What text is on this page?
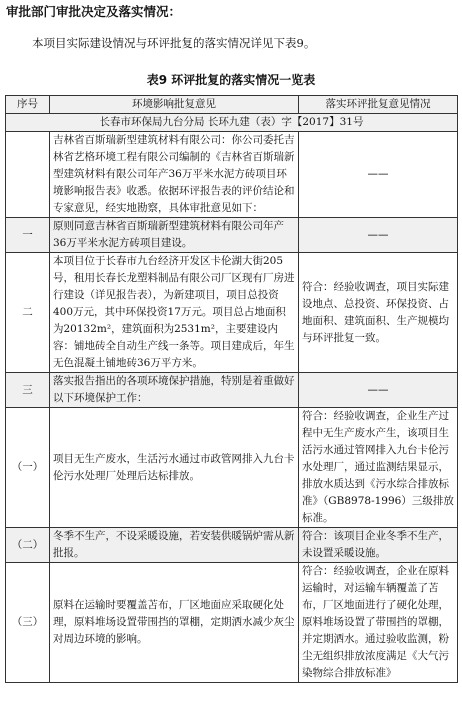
审批部门审批决定及落实情况：
本项目实际建设情况与环评批复的落实情况详见下表9。
表9 环评批复的落实情况一览表
序号	环境影响批复意见	落实环评批复意见情况
长春市环保局九台分局 长环九建（表）字【2017】31号		
	吉林省百斯瑞新型建筑材料有限公司：你公司委托吉林省艺格环境工程有限公司编制的《吉林省百斯瑞新型建筑材料有限公司年产36万平米水泥方砖项目环境影响报告表》收悉。依据环评报告表的评价结论和专家意见，经实地勘察，具体审批意见如下：	——
一	原则同意吉林省百斯瑞新型建筑材料有限公司年产36万平米水泥方砖项目建设。	——
二	本项目位于长春市九台经济开发区卡伦湖大街205号，租用长春长龙塑料制品有限公司厂区现有厂房进行建设（详见报告表），为新建项目，项目总投资400万元，其中环保投资17万元。项目总占地面积为20132m²，建筑面积为2531m²，主要建设内容：铺地砖全自动生产线一条等。项目建成后，年生无色混凝土铺地砖36万平方米。	符合：经验收调查，项目实际建设地点、总投资、环保投资、占地面积、建筑面积、生产规模均与环评批复一致。
三	落实报告指出的各项环境保护措施，特别是着重做好以下环境保护工作：	——
（一）	项目无生产废水，生活污水通过市政管网排入九台卡伦污水处理厂处理后达标排放。	符合：经验收调查，企业生产过程中无生产废水产生，该项目生活污水通过管网排入九台卡伦污水处理厂，通过监测结果显示，排放水质达到《污水综合排放标准》（GB8978-1996）三级排放标准。
（二）	冬季不生产，不设采暖设施，若安装供暖锅炉需从新批报。	符合：该项目企业冬季不生产，未设置采暖设施。
（三）	原料在运输时要覆盖苫布，厂区地面应采取硬化处理，原料堆场设置带围挡的罩棚，定期洒水减少灰尘对周边环境的影响。	符合：经验收调查，企业在原料运输时，对运输车辆覆盖了苫布，厂区地面进行了硬化处理，原料堆场设置了带围挡的罩棚，并定期洒水。通过验收监测，粉尘无组织排放浓度满足《大气污染物综合排放标准》
